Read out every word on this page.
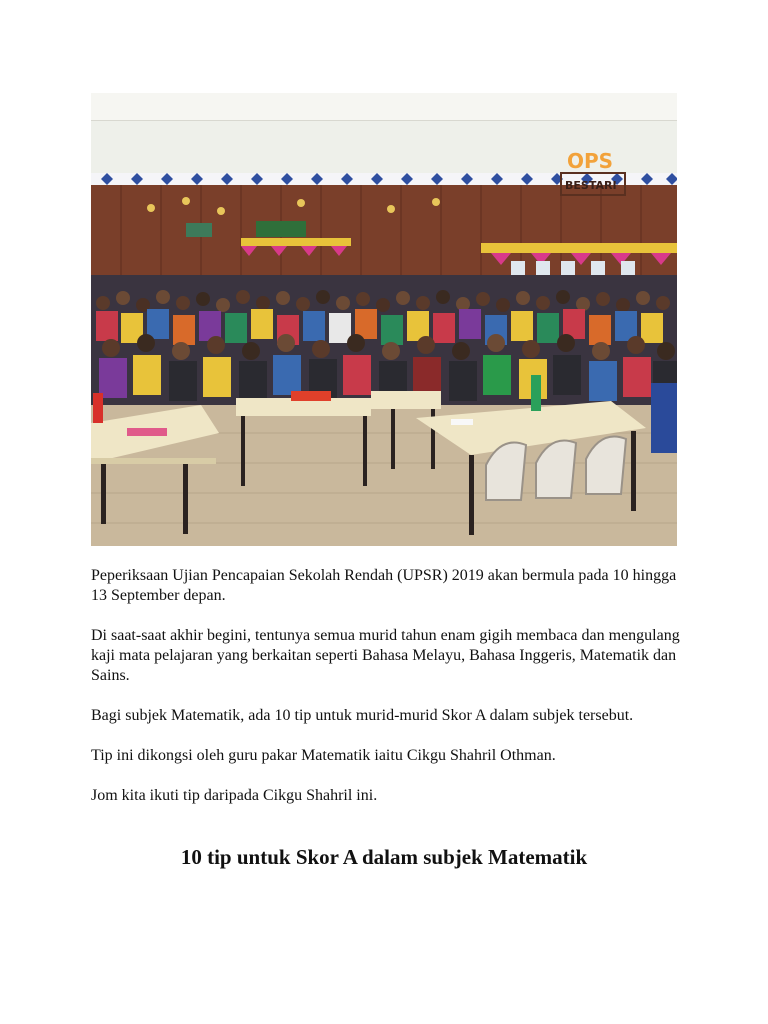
OPS
BESTARI

Peperiksaan Ujian Pencapaian Sekolah Rendah (UPSR) 2019 akan bermula pada 10 hingga 13 September depan.

Di saat-saat akhir begini, tentunya semua murid tahun enam gigih membaca dan mengulang kaji mata pelajaran yang berkaitan seperti Bahasa Melayu, Bahasa Inggeris, Matematik dan Sains.

Bagi subjek Matematik, ada 10 tip untuk murid-murid Skor A dalam subjek tersebut.

Tip ini dikongsi oleh guru pakar Matematik iaitu Cikgu Shahril Othman.

Jom kita ikuti tip daripada Cikgu Shahril ini.

10 tip untuk Skor A dalam subjek Matematik
